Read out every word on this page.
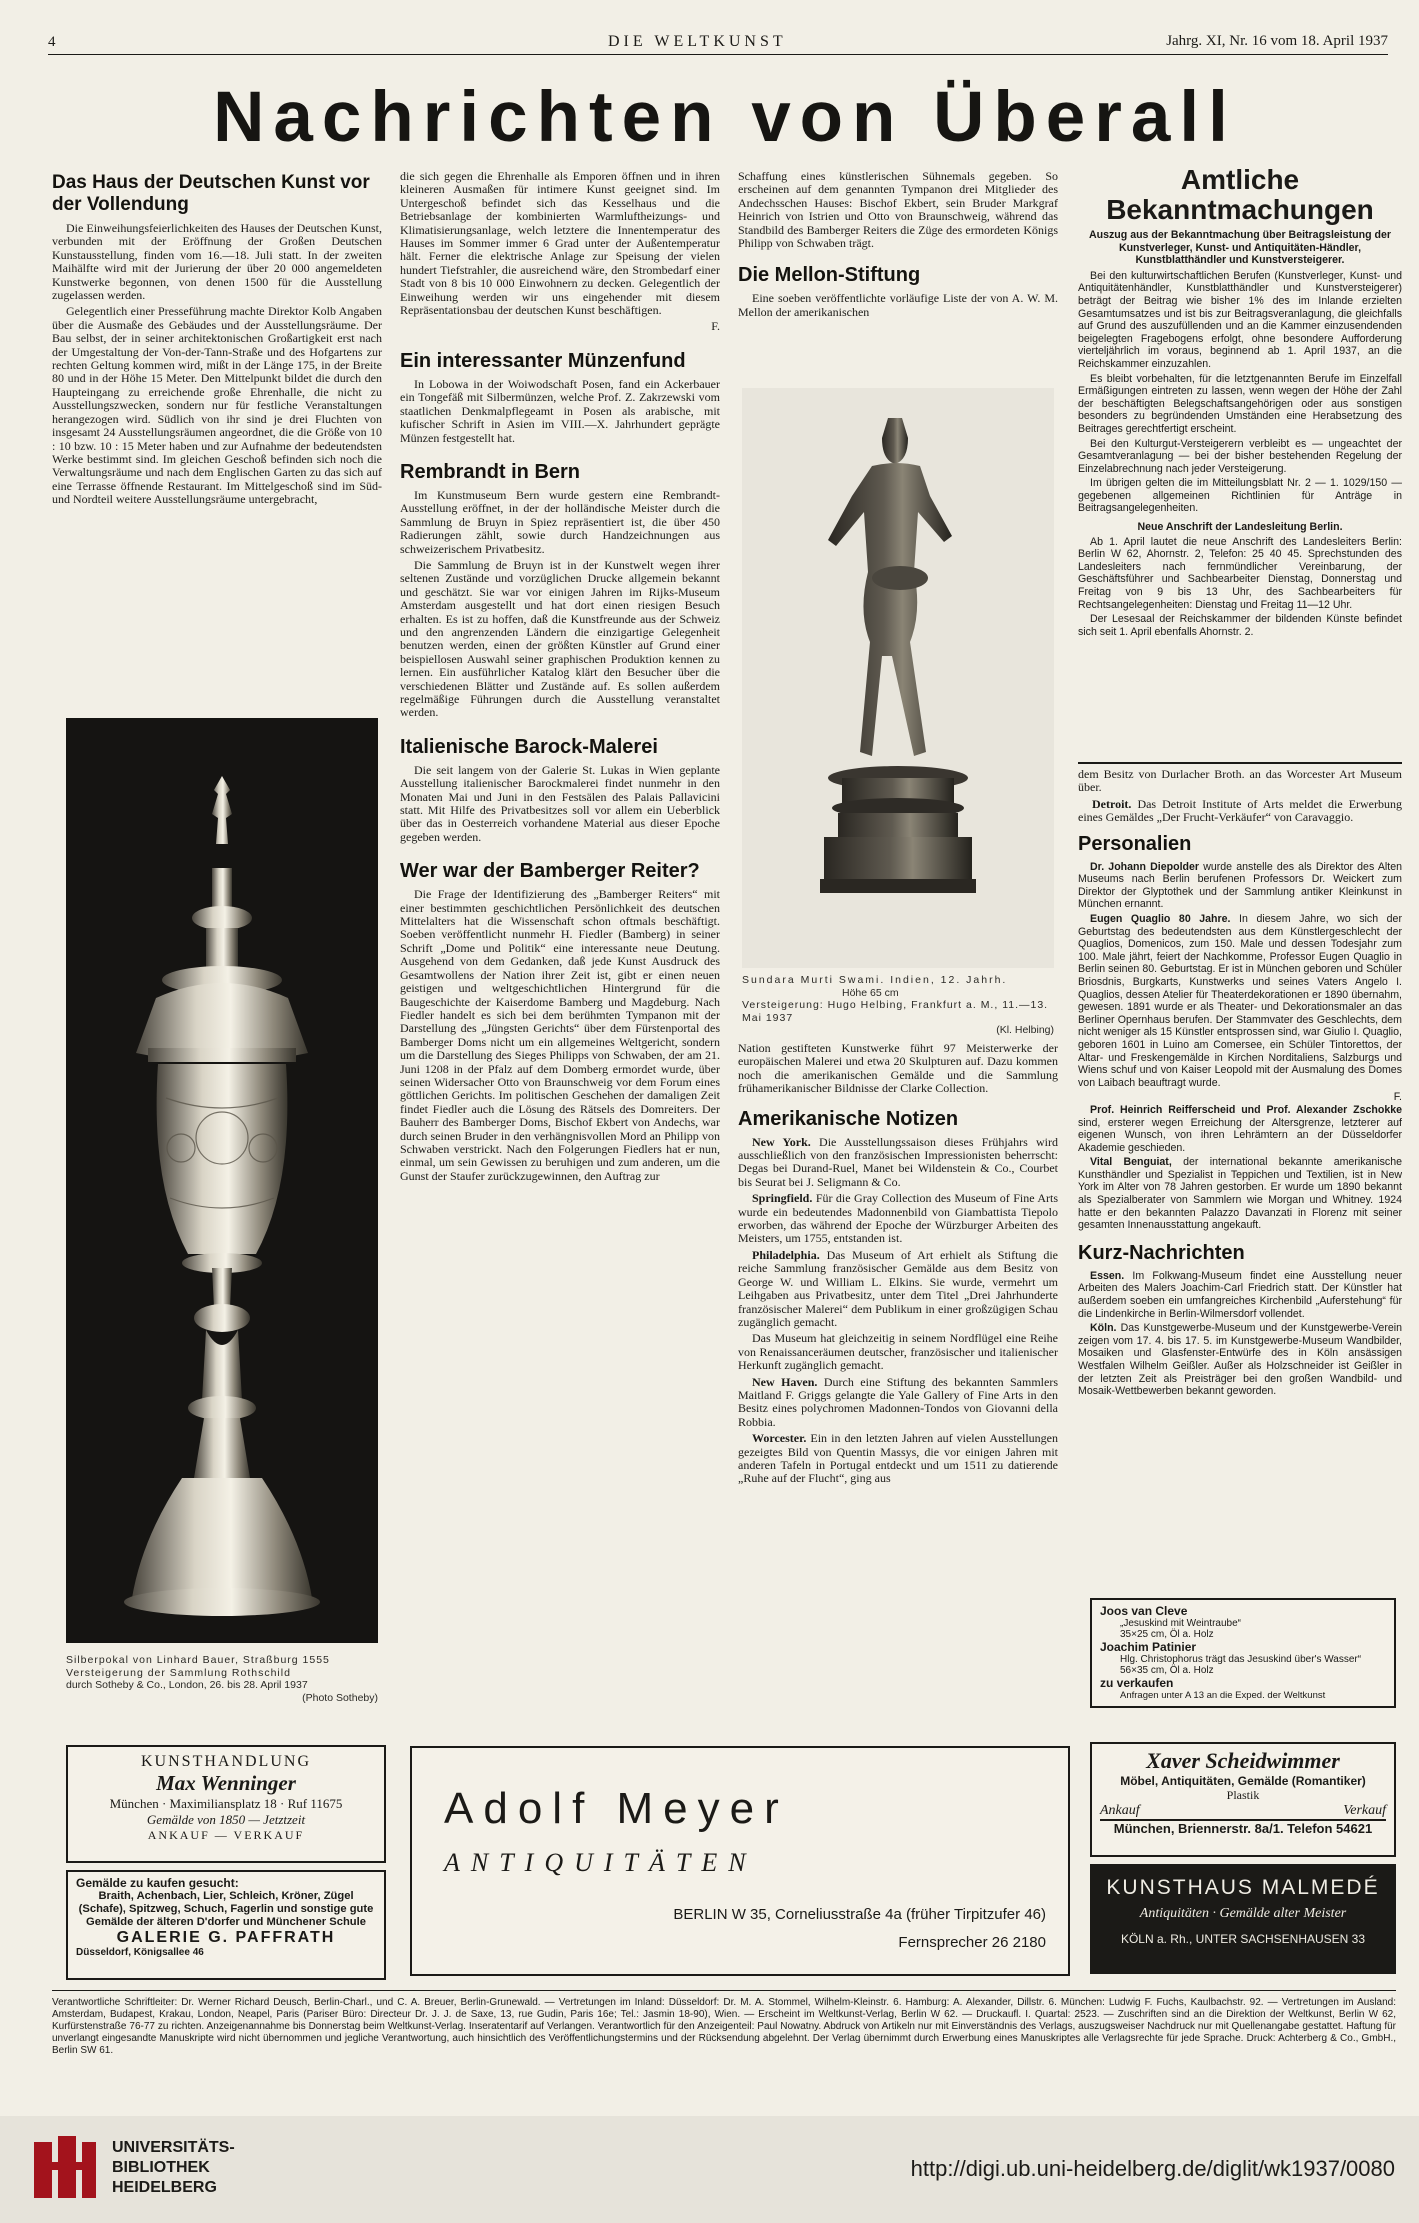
4	DIE WELTKUNST	Jahrg. XI, Nr. 16 vom 18. April 1937
Nachrichten von Überall
Das Haus der Deutschen Kunst vor der Vollendung

Die Einweihungsfeierlichkeiten des Hauses der Deutschen Kunst, verbunden mit der Eröffnung der Großen Deutschen Kunstausstellung, finden vom 16.—18. Juli statt. In der zweiten Maihälfte wird mit der Jurierung der über 20 000 angemeldeten Kunstwerke begonnen, von denen 1500 für die Ausstellung zugelassen werden.

Gelegentlich einer Presseführung machte Direktor Kolb Angaben über die Ausmaße des Gebäudes und der Ausstellungsräume. Der Bau selbst, der in seiner architektonischen Großartigkeit erst nach der Umgestaltung der Von-der-Tann-Straße und des Hofgartens zur rechten Geltung kommen wird, mißt in der Länge 175, in der Breite 80 und in der Höhe 15 Meter. Den Mittelpunkt bildet die durch den Haupteingang zu erreichende große Ehrenhalle, die nicht zu Ausstellungszwecken, sondern nur für festliche Veranstaltungen herangezogen wird. Südlich von ihr sind je drei Fluchten von insgesamt 24 Ausstellungsräumen angeordnet, die die Größe von 10 : 10 bzw. 10 : 15 Meter haben und zur Aufnahme der bedeutendsten Werke bestimmt sind. Im gleichen Geschoß befinden sich noch die Verwaltungsräume und nach dem Englischen Garten zu das sich auf eine Terrasse öffnende Restaurant. Im Mittelgeschoß sind im Süd- und Nordteil weitere Ausstellungsräume untergebracht,

Silberpokal von Linhard Bauer, Straßburg 1555
Versteigerung der Sammlung Rothschild
durch Sotheby & Co., London, 26. bis 28. April 1937
(Photo Sotheby)

die sich gegen die Ehrenhalle als Emporen öffnen und in ihren kleineren Ausmaßen für intimere Kunst geeignet sind. Im Untergeschoß befindet sich das Kesselhaus und die Betriebsanlage der kombinierten Warmluftheizungs- und Klimatisierungsanlage, welch letztere die Innentemperatur des Hauses im Sommer immer 6 Grad unter der Außentemperatur hält. Ferner die elektrische Anlage zur Speisung der vielen hundert Tiefstrahler, die ausreichend wäre, den Strombedarf einer Stadt von 8 bis 10 000 Einwohnern zu decken. Gelegentlich der Einweihung werden wir uns eingehender mit diesem Repräsentationsbau der deutschen Kunst beschäftigen.

F.
Ein interessanter Münzenfund

In Lobowa in der Woiwodschaft Posen, fand ein Ackerbauer ein Tongefäß mit Silbermünzen, welche Prof. Z. Zakrzewski vom staatlichen Denkmalpflegeamt in Posen als arabische, mit kufischer Schrift in Asien im VIII.—X. Jahrhundert geprägte Münzen festgestellt hat.

Rembrandt in Bern

Im Kunstmuseum Bern wurde gestern eine Rembrandt-Ausstellung eröffnet, in der der holländische Meister durch die Sammlung de Bruyn in Spiez repräsentiert ist, die über 450 Radierungen zählt, sowie durch Handzeichnungen aus schweizerischem Privatbesitz.

Die Sammlung de Bruyn ist in der Kunstwelt wegen ihrer seltenen Zustände und vorzüglichen Drucke allgemein bekannt und geschätzt. Sie war vor einigen Jahren im Rijks-Museum Amsterdam ausgestellt und hat dort einen riesigen Besuch erhalten. Es ist zu hoffen, daß die Kunstfreunde aus der Schweiz und den angrenzenden Ländern die einzigartige Gelegenheit benutzen werden, einen der größten Künstler auf Grund einer beispiellosen Auswahl seiner graphischen Produktion kennen zu lernen. Ein ausführlicher Katalog klärt den Besucher über die verschiedenen Blätter und Zustände auf. Es sollen außerdem regelmäßige Führungen durch die Ausstellung veranstaltet werden.

Italienische Barock-Malerei

Die seit langem von der Galerie St. Lukas in Wien geplante Ausstellung italienischer Barockmalerei findet nunmehr in den Monaten Mai und Juni in den Festsälen des Palais Pallavicini statt. Mit Hilfe des Privatbesitzes soll vor allem ein Ueberblick über das in Oesterreich vorhandene Material aus dieser Epoche gegeben werden.

Wer war der Bamberger Reiter?

Die Frage der Identifizierung des „Bamberger Reiters“ mit einer bestimmten geschichtlichen Persönlichkeit des deutschen Mittelalters hat die Wissenschaft schon oftmals beschäftigt. Soeben veröffentlicht nunmehr H. Fiedler (Bamberg) in seiner Schrift „Dome und Politik“ eine interessante neue Deutung. Ausgehend von dem Gedanken, daß jede Kunst Ausdruck des Gesamtwollens der Nation ihrer Zeit ist, gibt er einen neuen geistigen und weltgeschichtlichen Hintergrund für die Baugeschichte der Kaiserdome Bamberg und Magdeburg. Nach Fiedler handelt es sich bei dem berühmten Tympanon mit der Darstellung des „Jüngsten Gerichts“ über dem Fürstenportal des Bamberger Doms nicht um ein allgemeines Weltgericht, sondern um die Darstellung des Sieges Philipps von Schwaben, der am 21. Juni 1208 in der Pfalz auf dem Domberg ermordet wurde, über seinen Widersacher Otto von Braunschweig vor dem Forum eines göttlichen Gerichts. Im politischen Geschehen der damaligen Zeit findet Fiedler auch die Lösung des Rätsels des Domreiters. Der Bauherr des Bamberger Doms, Bischof Ekbert von Andechs, war durch seinen Bruder in den verhängnisvollen Mord an Philipp von Schwaben verstrickt. Nach den Folgerungen Fiedlers hat er nun, einmal, um sein Gewissen zu beruhigen und zum anderen, um die Gunst der Staufer zurückzugewinnen, den Auftrag zur

Schaffung eines künstlerischen Sühnemals gegeben. So erscheinen auf dem genannten Tympanon drei Mitglieder des Andechsschen Hauses: Bischof Ekbert, sein Bruder Markgraf Heinrich von Istrien und Otto von Braunschweig, während das Standbild des Bamberger Reiters die Züge des ermordeten Königs Philipp von Schwaben trägt.

Die Mellon-Stiftung

Eine soeben veröffentlichte vorläufige Liste der von A. W. M. Mellon der amerikanischen

Sundara Murti Swami. Indien, 12. Jahrh.
Höhe 65 cm
Versteigerung: Hugo Helbing, Frankfurt a. M., 11.—13. Mai 1937
(Kl. Helbing)

Nation gestifteten Kunstwerke führt 97 Meisterwerke der europäischen Malerei und etwa 20 Skulpturen auf. Dazu kommen noch die amerikanischen Gemälde und die Sammlung frühamerikanischer Bildnisse der Clarke Collection.

Amerikanische Notizen

New York. Die Ausstellungssaison dieses Frühjahrs wird ausschließlich von den französischen Impressionisten beherrscht: Degas bei Durand-Ruel, Manet bei Wildenstein & Co., Courbet bis Seurat bei J. Seligmann & Co.

Springfield. Für die Gray Collection des Museum of Fine Arts wurde ein bedeutendes Madonnenbild von Giambattista Tiepolo erworben, das während der Epoche der Würzburger Arbeiten des Meisters, um 1755, entstanden ist.

Philadelphia. Das Museum of Art erhielt als Stiftung die reiche Sammlung französischer Gemälde aus dem Besitz von George W. und William L. Elkins. Sie wurde, vermehrt um Leihgaben aus Privatbesitz, unter dem Titel „Drei Jahrhunderte französischer Malerei“ dem Publikum in einer großzügigen Schau zugänglich gemacht.

Das Museum hat gleichzeitig in seinem Nordflügel eine Reihe von Renaissanceräumen deutscher, französischer und italienischer Herkunft zugänglich gemacht.

New Haven. Durch eine Stiftung des bekannten Sammlers Maitland F. Griggs gelangte die Yale Gallery of Fine Arts in den Besitz eines polychromen Madonnen-Tondos von Giovanni della Robbia.

Worcester. Ein in den letzten Jahren auf vielen Ausstellungen gezeigtes Bild von Quentin Massys, die vor einigen Jahren mit anderen Tafeln in Portugal entdeckt und um 1511 zu datierende „Ruhe auf der Flucht“, ging aus

Amtliche Bekanntmachungen
Auszug aus der Bekanntmachung über Beitragsleistung der Kunstverleger, Kunst- und Antiquitäten-Händler, Kunstblatthändler und Kunstversteigerer.

Bei den kulturwirtschaftlichen Berufen (Kunstverleger, Kunst- und Antiquitätenhändler, Kunstblatthändler und Kunstversteigerer) beträgt der Beitrag wie bisher 1% des im Inlande erzielten Gesamtumsatzes und ist bis zur Beitragsveranlagung, die gleichfalls auf Grund des auszufüllenden und an die Kammer einzusendenden beigelegten Fragebogens erfolgt, ohne besondere Aufforderung vierteljährlich im voraus, beginnend ab 1. April 1937, an die Reichskammer einzuzahlen.

Es bleibt vorbehalten, für die letztgenannten Berufe im Einzelfall Ermäßigungen eintreten zu lassen, wenn wegen der Höhe der Zahl der beschäftigten Belegschaftsangehörigen oder aus sonstigen besonders zu begründenden Umständen eine Herabsetzung des Beitrages gerechtfertigt erscheint.

Bei den Kulturgut-Versteigerern verbleibt es — ungeachtet der Gesamtveranlagung — bei der bisher bestehenden Regelung der Einzelabrechnung nach jeder Versteigerung.

Im übrigen gelten die im Mitteilungsblatt Nr. 2 — 1. 1029/150 — gegebenen allgemeinen Richtlinien für Anträge in Beitragsangelegenheiten.

Neue Anschrift der Landesleitung Berlin.

Ab 1. April lautet die neue Anschrift des Landesleiters Berlin: Berlin W 62, Ahornstr. 2, Telefon: 25 40 45. Sprechstunden des Landesleiters nach fernmündlicher Vereinbarung, der Geschäftsführer und Sachbearbeiter Dienstag, Donnerstag und Freitag von 9 bis 13 Uhr, des Sachbearbeiters für Rechtsangelegenheiten: Dienstag und Freitag 11—12 Uhr.

Der Lesesaal der Reichskammer der bildenden Künste befindet sich seit 1. April ebenfalls Ahornstr. 2.

dem Besitz von Durlacher Broth. an das Worcester Art Museum über.

Detroit. Das Detroit Institute of Arts meldet die Erwerbung eines Gemäldes „Der Frucht-Verkäufer“ von Caravaggio.

Personalien

Dr. Johann Diepolder wurde anstelle des als Direktor des Alten Museums nach Berlin berufenen Professors Dr. Weickert zum Direktor der Glyptothek und der Sammlung antiker Kleinkunst in München ernannt.

Eugen Quaglio 80 Jahre. In diesem Jahre, wo sich der Geburtstag des bedeutendsten aus dem Künstlergeschlecht der Quaglios, Domenicos, zum 150. Male und dessen Todesjahr zum 100. Male jährt, feiert der Nachkomme, Professor Eugen Quaglio in Berlin seinen 80. Geburtstag. Er ist in München geboren und Schüler Briosdnis, Burgkarts, Kunstwerks und seines Vaters Angelo I. Quaglios, dessen Atelier für Theaterdekorationen er 1890 übernahm, gewesen. 1891 wurde er als Theater- und Dekorationsmaler an das Berliner Opernhaus berufen. Der Stammvater des Geschlechts, dem nicht weniger als 15 Künstler entsprossen sind, war Giulio I. Quaglio, geboren 1601 in Luino am Comersee, ein Schüler Tintorettos, der Altar- und Freskengemälde in Kirchen Norditaliens, Salzburgs und Wiens schuf und von Kaiser Leopold mit der Ausmalung des Domes von Laibach beauftragt wurde.

F.

Prof. Heinrich Reifferscheid und Prof. Alexander Zschokke sind, ersterer wegen Erreichung der Altersgrenze, letzterer auf eigenen Wunsch, von ihren Lehrämtern an der Düsseldorfer Akademie geschieden.

Vital Benguiat, der international bekannte amerikanische Kunsthändler und Spezialist in Teppichen und Textilien, ist in New York im Alter von 78 Jahren gestorben. Er wurde um 1890 bekannt als Spezialberater von Sammlern wie Morgan und Whitney. 1924 hatte er den bekannten Palazzo Davanzati in Florenz mit seiner gesamten Innenausstattung angekauft.

Kurz-Nachrichten

Essen. Im Folkwang-Museum findet eine Ausstellung neuer Arbeiten des Malers Joachim-Carl Friedrich statt. Der Künstler hat außerdem soeben ein umfangreiches Kirchenbild „Auferstehung“ für die Lindenkirche in Berlin-Wilmersdorf vollendet.

Köln. Das Kunstgewerbe-Museum und der Kunstgewerbe-Verein zeigen vom 17. 4. bis 17. 5. im Kunstgewerbe-Museum Wandbilder, Mosaiken und Glasfenster-Entwürfe des in Köln ansässigen Westfalen Wilhelm Geißler. Außer als Holzschneider ist Geißler in der letzten Zeit als Preisträger bei den großen Wandbild- und Mosaik-Wettbewerben bekannt geworden.

Joos van Cleve
„Jesuskind mit Weintraube“
35×25 cm, Öl a. Holz
Joachim Patinier
Hlg. Christophorus trägt das Jesuskind über's Wasser“ 56×35 cm, Öl a. Holz
zu verkaufen
Anfragen unter A 13 an die Exped. der Weltkunst
KUNSTHANDLUNG
Max Wenninger
München · Maximiliansplatz 18 · Ruf 11675
Gemälde von 1850 — Jetztzeit
ANKAUF — VERKAUF
Gemälde zu kaufen gesucht:
Braith, Achenbach, Lier, Schleich, Kröner, Zügel (Schafe), Spitzweg, Schuch, Fagerlin und sonstige gute Gemälde der älteren D'dorfer und Münchener Schule
GALERIE G. PAFFRATH
Düsseldorf, Königsallee 46
Adolf Meyer
ANTIQUITÄTEN
BERLIN W 35, Corneliusstraße 4a (früher Tirpitzufer 46)
Fernsprecher 26 2180
Xaver Scheidwimmer
Möbel, Antiquitäten, Gemälde (Romantiker)
Plastik
Ankauf	Verkauf
München, Briennerstr. 8a/1. Telefon 54621
KUNSTHAUS MALMEDÉ
Antiquitäten · Gemälde alter Meister
KÖLN a. Rh., UNTER SACHSENHAUSEN 33
Verantwortliche Schriftleiter: Dr. Werner Richard Deusch, Berlin-Charl., und C. A. Breuer, Berlin-Grunewald. — Vertretungen im Inland: Düsseldorf: Dr. M. A. Stommel, Wilhelm-Kleinstr. 6. Hamburg: A. Alexander, Dillstr. 6. München: Ludwig F. Fuchs, Kaulbachstr. 92. — Vertretungen im Ausland: Amsterdam, Budapest, Krakau, London, Neapel, Paris (Pariser Büro: Directeur Dr. J. J. de Saxe, 13, rue Gudin, Paris 16e; Tel.: Jasmin 18-90), Wien. — Erscheint im Weltkunst-Verlag, Berlin W 62. — Druckaufl. I. Quartal: 2523. — Zuschriften sind an die Direktion der Weltkunst, Berlin W 62, Kurfürstenstraße 76-77 zu richten. Anzeigenannahme bis Donnerstag beim Weltkunst-Verlag. Inseratentarif auf Verlangen. Verantwortlich für den Anzeigenteil: Paul Nowatny. Abdruck von Artikeln nur mit Einverständnis des Verlags, auszugsweiser Nachdruck nur mit Quellenangabe gestattet. Haftung für unverlangt eingesandte Manuskripte wird nicht übernommen und jegliche Verantwortung, auch hinsichtlich des Veröffentlichungstermins und der Rücksendung abgelehnt. Der Verlag übernimmt durch Erwerbung eines Manuskriptes alle Verlagsrechte für jede Sprache. Druck: Achterberg & Co., GmbH., Berlin SW 61.
UNIVERSITÄTS-
BIBLIOTHEK
HEIDELBERG
http://digi.ub.uni-heidelberg.de/diglit/wk1937/0080
